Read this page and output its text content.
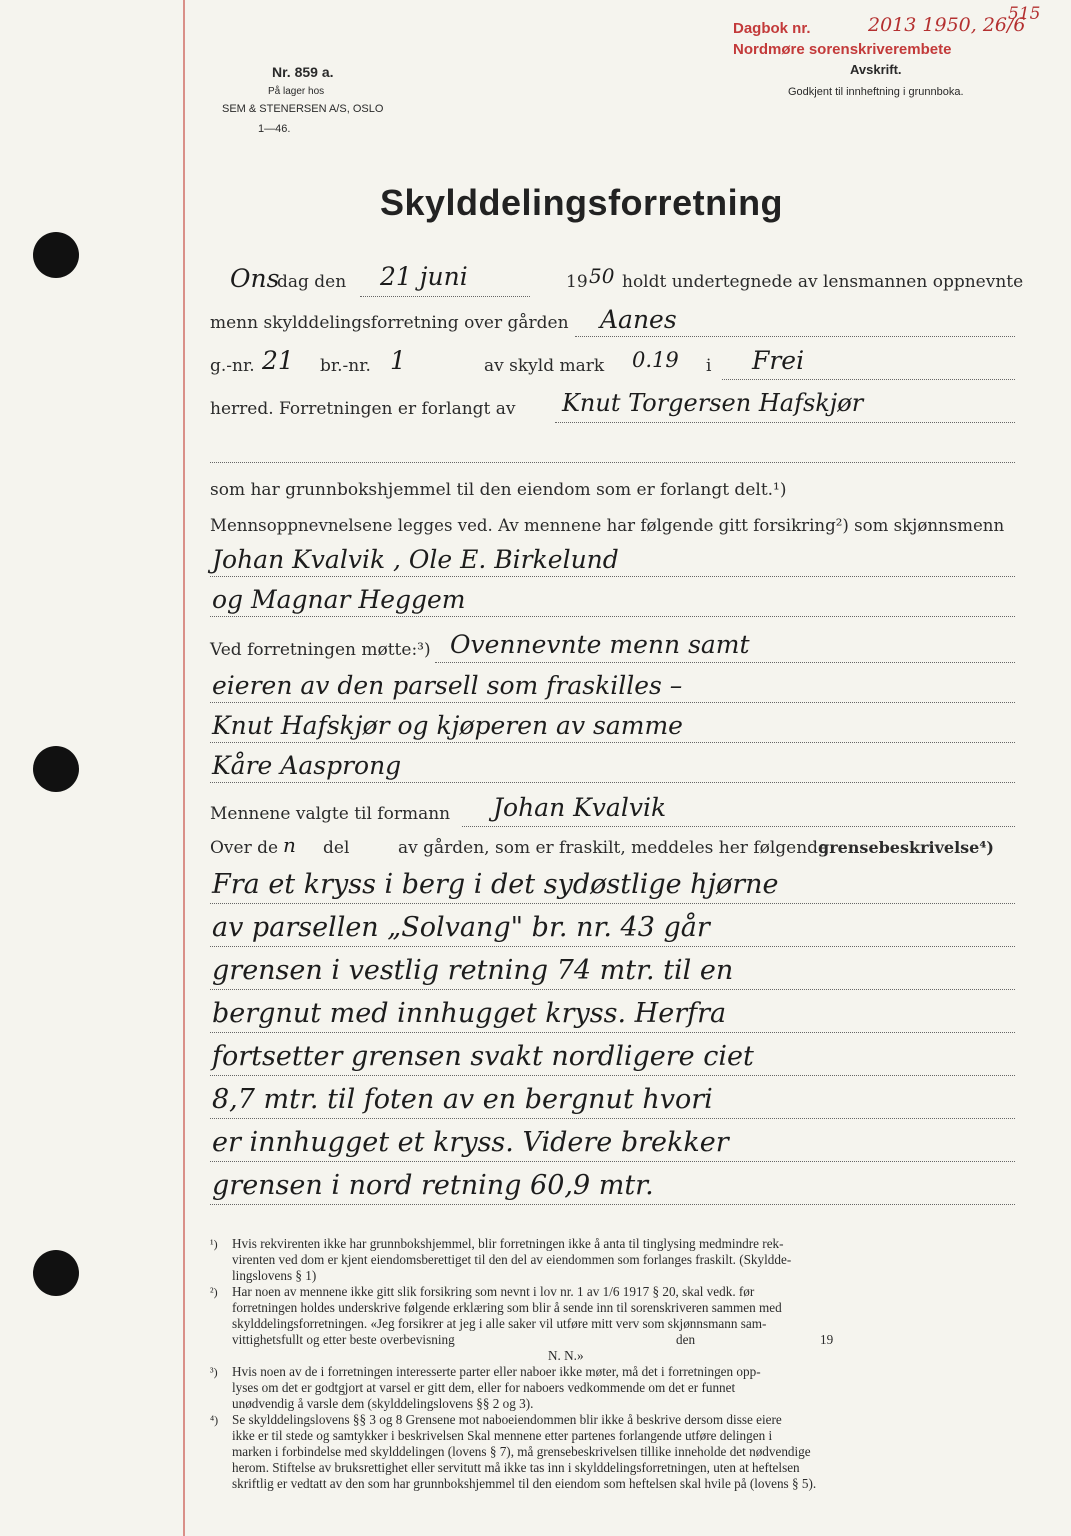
Nr. 859 a.
På lager hos
SEM & STENERSEN A/S, OSLO
1—46.
Dagbok nr.
Nordmøre sorenskriverembete
2013 1950, 26/6
515
Avskrift.
Godkjent til innheftning i grunnboka.
Skylddelingsforretning
Ons
dag den 21 juni	19 50 holdt undertegnede av lensmannen oppnevnte
menn skylddelingsforretning over gården Aanes
g.-nr. 21 br.-nr. 1	av skyld mark 0.19 i Frei
herred. Forretningen er forlangt av Knut Torgersen Hafskjør
som har grunnbokshjemmel til den eiendom som er forlangt delt.¹)
Mennsoppnevnelsene legges ved. Av mennene har følgende gitt forsikring²) som skjønnsmenn
Johan Kvalvik , Ole E. Birkelund
og Magnar Heggem
Ved forretningen møtte:³) Ovennevnte menn samt
eieren av den parsell som fraskilles –
Knut Hafskjør og kjøperen av samme
Kåre Aasprong
Mennene valgte til formann Johan Kvalvik
Over de n del	av gården, som er fraskilt, meddeles her følgende
grensebeskrivelse⁴)
Fra et kryss i berg i det sydøstlige hjørne
av parsellen „Solvang" br. nr. 43 går
grensen i vestlig retning 74 mtr. til en
bergnut med innhugget kryss. Herfra
fortsetter grensen svakt nordligere ciet
8,7 mtr. til foten av en bergnut hvori
er innhugget et kryss. Videre brekker
grensen i nord retning 60,9 mtr.
¹) Hvis rekvirenten ikke har grunnbokshjemmel, blir forretningen ikke å anta til tinglysing medmindre rek-
virenten ved dom er kjent eiendomsberettiget til den del av eiendommen som forlanges fraskilt. (Skyldde-
lingslovens § 1)
²) Har noen av mennene ikke gitt slik forsikring som nevnt i lov nr. 1 av 1/6 1917 § 20, skal vedk. før
forretningen holdes underskrive følgende erklæring som blir å sende inn til sorenskriveren sammen med
skylddelingsforretningen. «Jeg forsikrer at jeg i alle saker vil utføre mitt verv som skjønnsmann sam-
vittighetsfullt og etter beste overbevisning	den	19
N. N.»
³) Hvis noen av de i forretningen interesserte parter eller naboer ikke møter, må det i forretningen opp-
lyses om det er godtgjort at varsel er gitt dem, eller for naboers vedkommende om det er funnet
unødvendig å varsle dem (skylddelingslovens §§ 2 og 3).
⁴) Se skylddelingslovens §§ 3 og 8 Grensene mot naboeiendommen blir ikke å beskrive dersom disse eiere
ikke er til stede og samtykker i beskrivelsen Skal mennene etter partenes forlangende utføre delingen i
marken i forbindelse med skylddelingen (lovens § 7), må grensebeskrivelsen tillike inneholde det nødvendige
herom. Stiftelse av bruksrettighet eller servitutt må ikke tas inn i skylddelingsforretningen, uten at heftelsen
skriftlig er vedtatt av den som har grunnbokshjemmel til den eiendom som heftelsen skal hvile på (lovens § 5).
